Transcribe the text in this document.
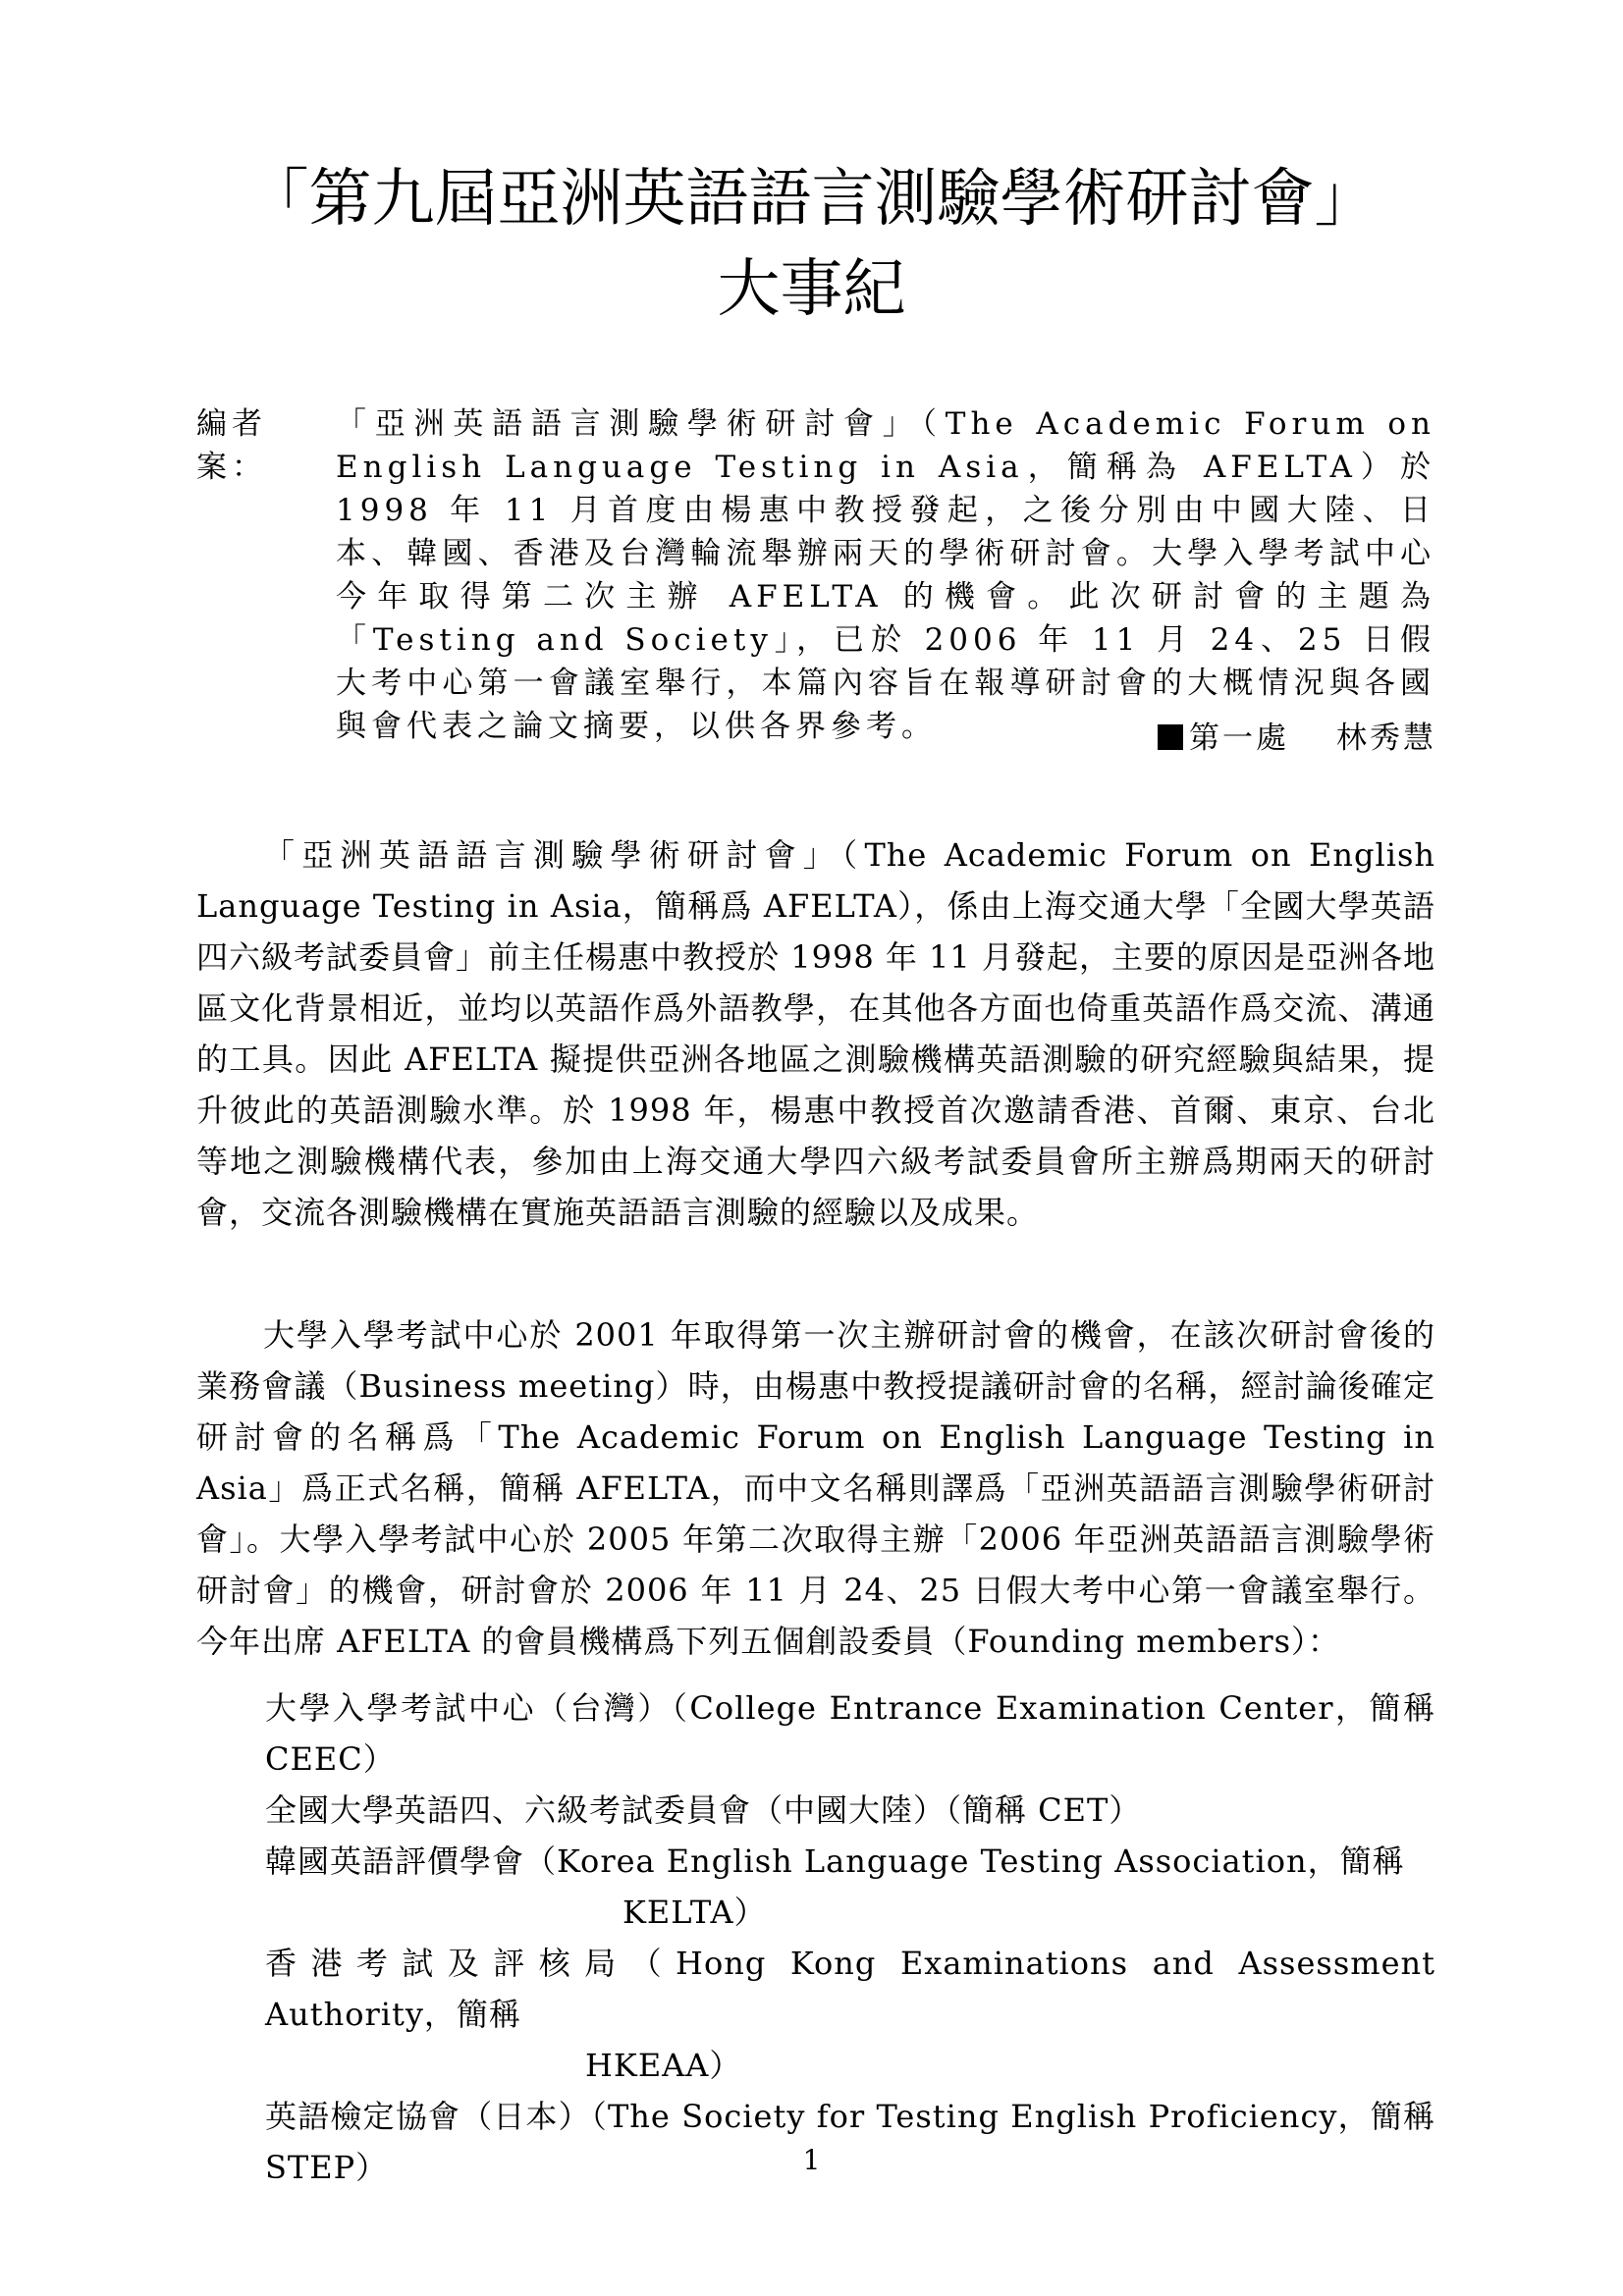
「第九屆亞洲英語語言測驗學術研討會」
大事紀
編者案：
「亞洲英語語言測驗學術研討會」（The Academic Forum on English Language Testing in Asia，簡稱為 AFELTA）於 1998 年 11 月首度由楊惠中教授發起，之後分別由中國大陸、日本、韓國、香港及台灣輪流舉辦兩天的學術研討會。大學入學考試中心今年取得第二次主辦 AFELTA 的機會。此次研討會的主題為「Testing and Society」，已於 2006 年 11 月 24、25 日假大考中心第一會議室舉行，本篇內容旨在報導研討會的大概情況與各國與會代表之論文摘要，以供各界參考。	第一處 林秀慧
「亞洲英語語言測驗學術研討會」（The Academic Forum on English Language Testing in Asia，簡稱爲 AFELTA），係由上海交通大學「全國大學英語四六級考試委員會」前主任楊惠中教授於 1998 年 11 月發起，主要的原因是亞洲各地區文化背景相近，並均以英語作爲外語教學，在其他各方面也倚重英語作爲交流、溝通的工具。因此 AFELTA 擬提供亞洲各地區之測驗機構英語測驗的研究經驗與結果，提升彼此的英語測驗水準。於 1998 年，楊惠中教授首次邀請香港、首爾、東京、台北等地之測驗機構代表，參加由上海交通大學四六級考試委員會所主辦爲期兩天的研討會，交流各測驗機構在實施英語語言測驗的經驗以及成果。
大學入學考試中心於 2001 年取得第一次主辦研討會的機會，在該次研討會後的業務會議（Business meeting）時，由楊惠中教授提議研討會的名稱，經討論後確定研討會的名稱爲「The Academic Forum on English Language Testing in Asia」爲正式名稱，簡稱 AFELTA，而中文名稱則譯爲「亞洲英語語言測驗學術研討會」。大學入學考試中心於 2005 年第二次取得主辦「2006 年亞洲英語語言測驗學術研討會」的機會，研討會於 2006 年 11 月 24、25 日假大考中心第一會議室舉行。今年出席 AFELTA 的會員機構爲下列五個創設委員（Founding members）：
大學入學考試中心（台灣）（College Entrance Examination Center，簡稱 CEEC）
全國大學英語四、六級考試委員會（中國大陸）（簡稱 CET）
韓國英語評價學會（Korea English Language Testing Association，簡稱
KELTA）
香港考試及評核局（Hong Kong Examinations and Assessment Authority，簡稱
HKEAA）
英語檢定協會（日本）（The Society for Testing English Proficiency，簡稱 STEP）	1
